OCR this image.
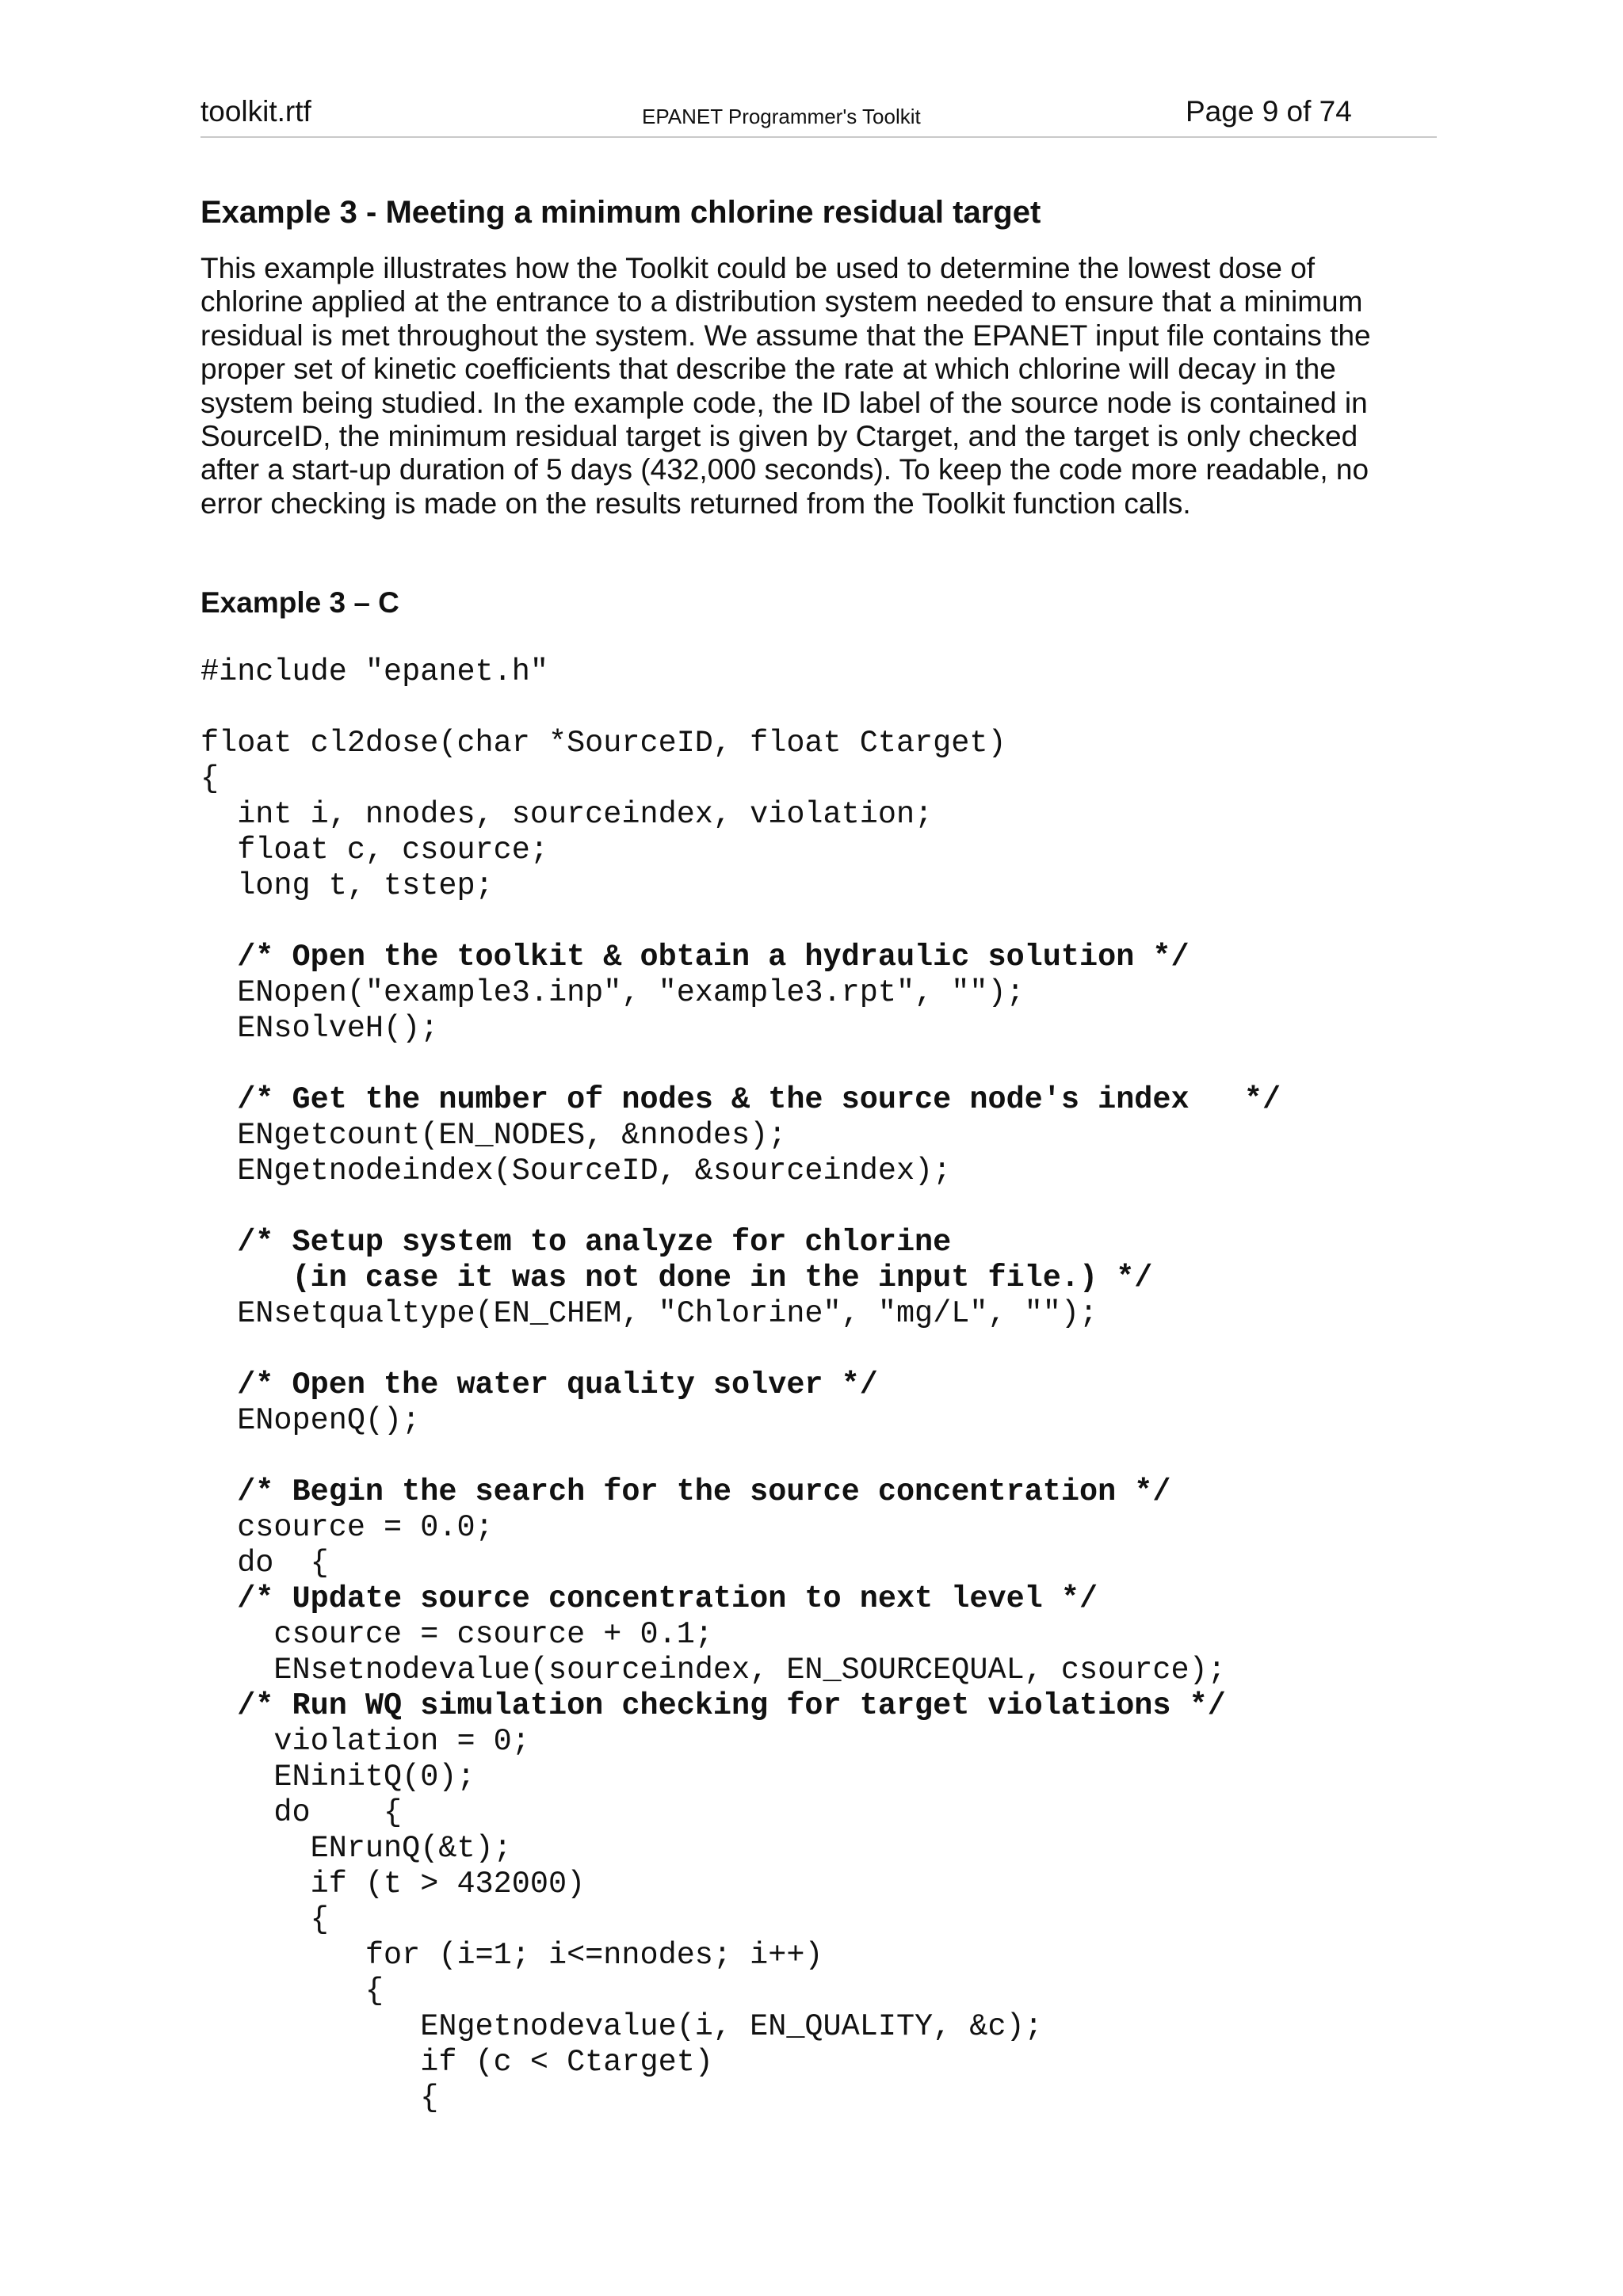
toolkit.rtf	EPANET Programmer's Toolkit	Page 9 of 74
Example 3 - Meeting a minimum chlorine residual target

This example illustrates how the Toolkit could be used to determine the lowest dose of
chlorine applied at the entrance to a distribution system needed to ensure that a minimum
residual is met throughout the system. We assume that the EPANET input file contains the
proper set of kinetic coefficients that describe the rate at which chlorine will decay in the
system being studied. In the example code, the ID label of the source node is contained in
SourceID, the minimum residual target is given by Ctarget, and the target is only checked
after a start-up duration of 5 days (432,000 seconds). To keep the code more readable, no
error checking is made on the results returned from the Toolkit function calls.

Example 3 – C
#include "epanet.h"
float cl2dose(char *SourceID, float Ctarget)
{
int i, nnodes, sourceindex, violation;
float c, csource;
long t, tstep;
/* Open the toolkit & obtain a hydraulic solution */
ENopen("example3.inp", "example3.rpt", "");
ENsolveH();
/* Get the number of nodes & the source node's index   */
ENgetcount(EN_NODES, &nnodes);
ENgetnodeindex(SourceID, &sourceindex);
/* Setup system to analyze for chlorine
(in case it was not done in the input file.) */
ENsetqualtype(EN_CHEM, "Chlorine", "mg/L", "");
/* Open the water quality solver */
ENopenQ();
/* Begin the search for the source concentration */
csource = 0.0;
do  {
/* Update source concentration to next level */
csource = csource + 0.1;
ENsetnodevalue(sourceindex, EN_SOURCEQUAL, csource);
/* Run WQ simulation checking for target violations */
violation = 0;
ENinitQ(0);
do    {
ENrunQ(&t);
if (t > 432000)
{
for (i=1; i<=nnodes; i++)
{
ENgetnodevalue(i, EN_QUALITY, &c);
if (c < Ctarget)
{
